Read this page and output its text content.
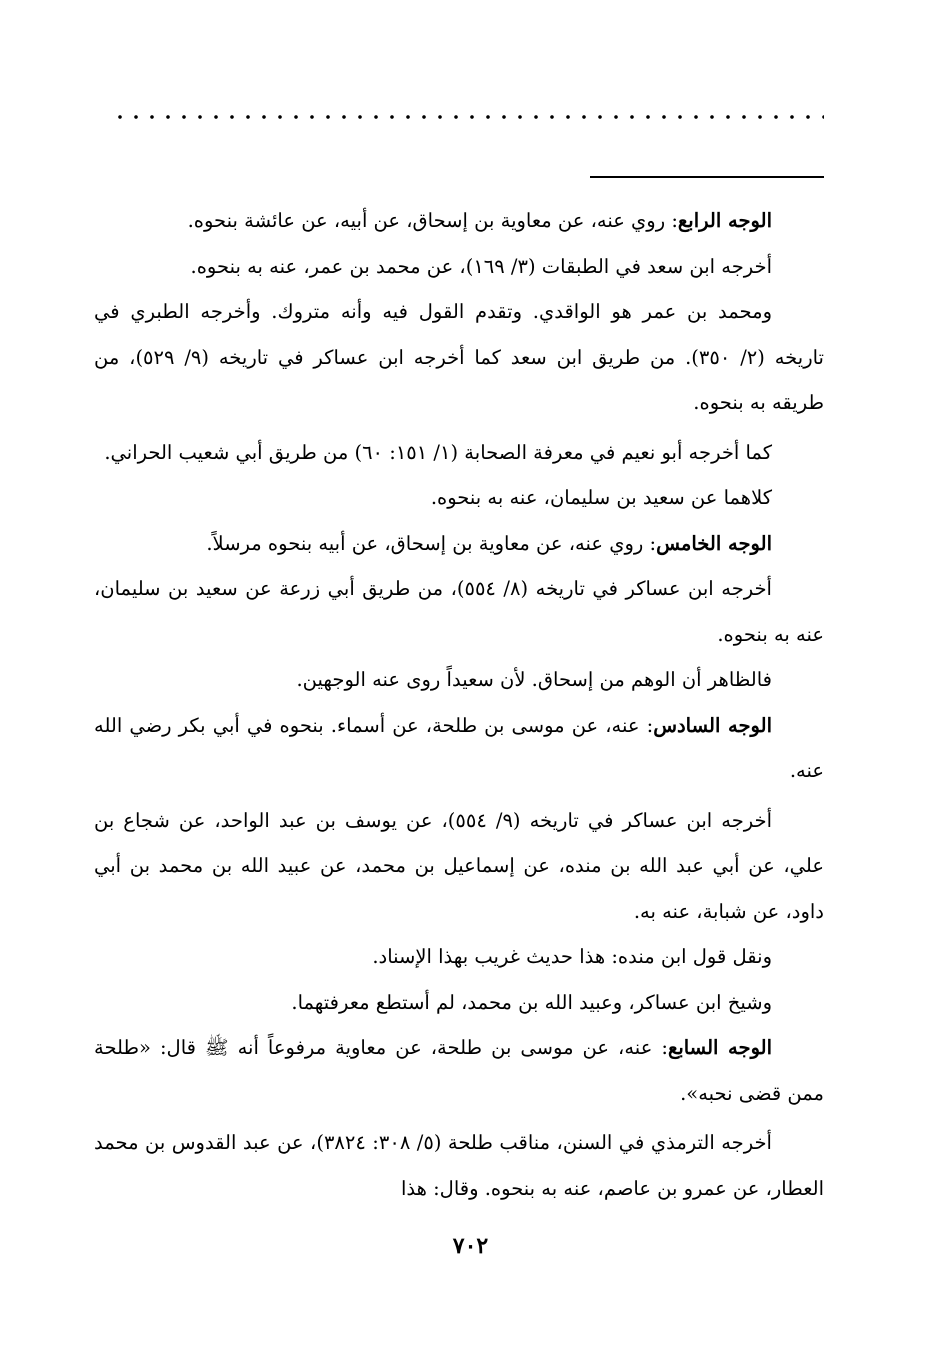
الوجه الرابع: روي عنه، عن معاوية بن إسحاق، عن أبيه، عن عائشة بنحوه.

أخرجه ابن سعد في الطبقات (٣/ ١٦٩)، عن محمد بن عمر، عنه به بنحوه.

ومحمد بن عمر هو الواقدي. وتقدم القول فيه وأنه متروك. وأخرجه الطبري في تاريخه (٢/ ٣٥٠). من طريق ابن سعد كما أخرجه ابن عساكر في تاريخه (٩/ ٥٢٩)، من طريقه به بنحوه.

كما أخرجه أبو نعيم في معرفة الصحابة (١/ ١٥١: ٦٠) من طريق أبي شعيب الحراني.

كلاهما عن سعيد بن سليمان، عنه به بنحوه.

الوجه الخامس: روي عنه، عن معاوية بن إسحاق، عن أبيه بنحوه مرسلاً.

أخرجه ابن عساكر في تاريخه (٨/ ٥٥٤)، من طريق أبي زرعة عن سعيد بن سليمان، عنه به بنحوه.

فالظاهر أن الوهم من إسحاق. لأن سعيداً روى عنه الوجهين.

الوجه السادس: عنه، عن موسى بن طلحة، عن أسماء. بنحوه في أبي بكر رضي الله عنه.

أخرجه ابن عساكر في تاريخه (٩/ ٥٥٤)، عن يوسف بن عبد الواحد، عن شجاع بن علي، عن أبي عبد الله بن منده، عن إسماعيل بن محمد، عن عبيد الله بن محمد بن أبي داود، عن شبابة، عنه به.

ونقل قول ابن منده: هذا حديث غريب بهذا الإسناد.

وشيخ ابن عساكر، وعبيد الله بن محمد، لم أستطع معرفتهما.

الوجه السابع: عنه، عن موسى بن طلحة، عن معاوية مرفوعاً أنه ﷺ قال: «طلحة ممن قضى نحبه».

أخرجه الترمذي في السنن، مناقب طلحة (٥/ ٣٠٨: ٣٨٢٤)، عن عبد القدوس بن محمد العطار، عن عمرو بن عاصم، عنه به بنحوه. وقال: هذا

٧٠٢
